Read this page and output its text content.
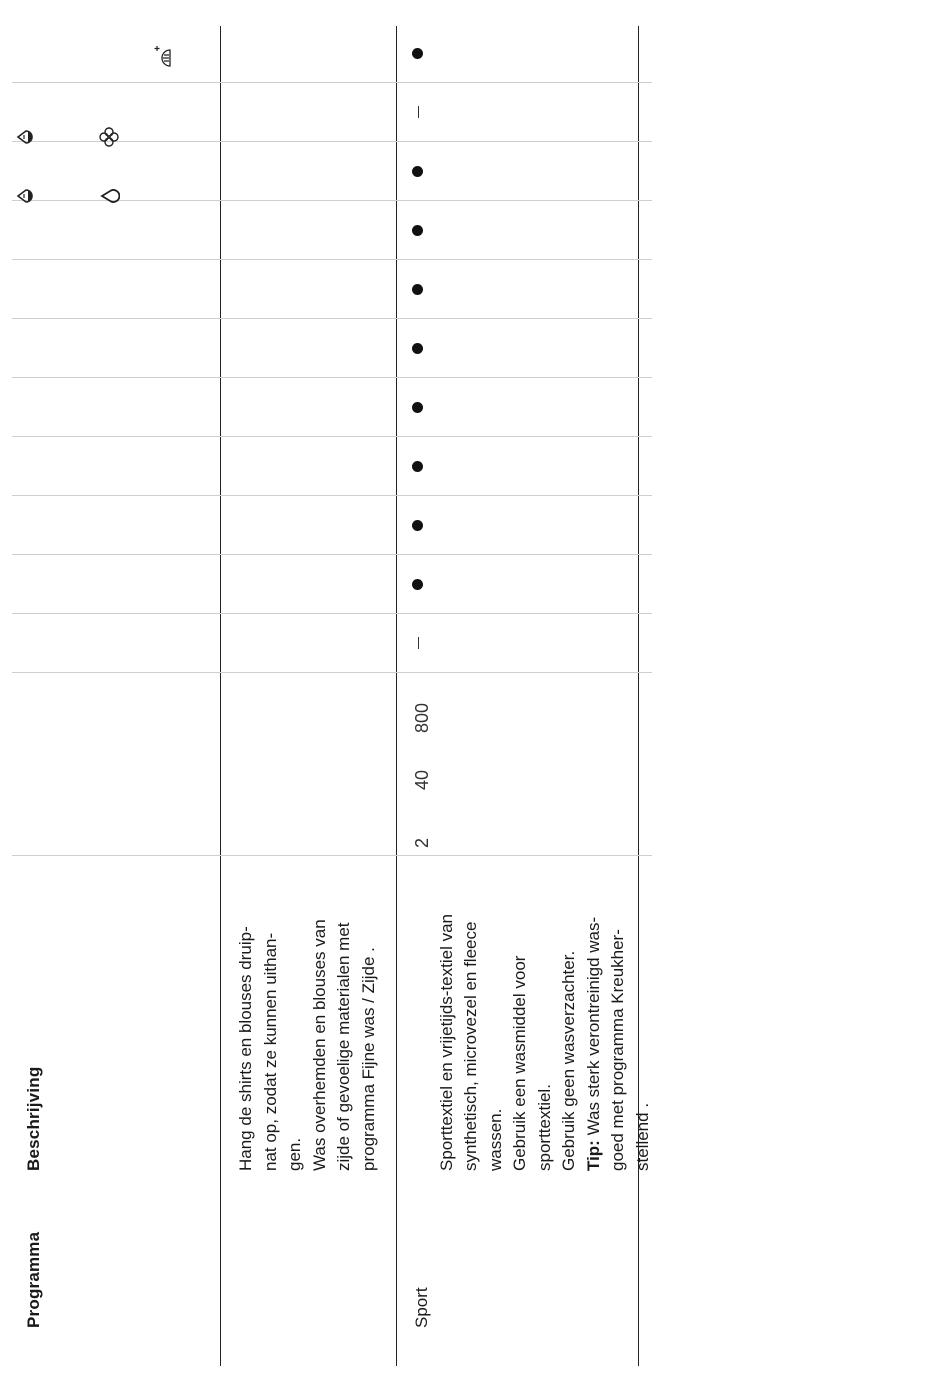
Programma
Beschrijving	Hang de shirts en blouses druip-
nat op, zodat ze kunnen uithan-
gen.
Was overhemden en blouses van
zijde of gevoelige materialen met
programma Fijne was / Zijde .
Sport

Sporttextiel en vrijetijds-textiel van
synthetisch, microvezel en fleece
wassen.
Gebruik een wasmiddel voor
sporttextiel.
Gebruik geen wasverzachter.
Tip: Was sterk verontreinigd was-
goed met programma Kreukher-
stellend .

2
40
800
